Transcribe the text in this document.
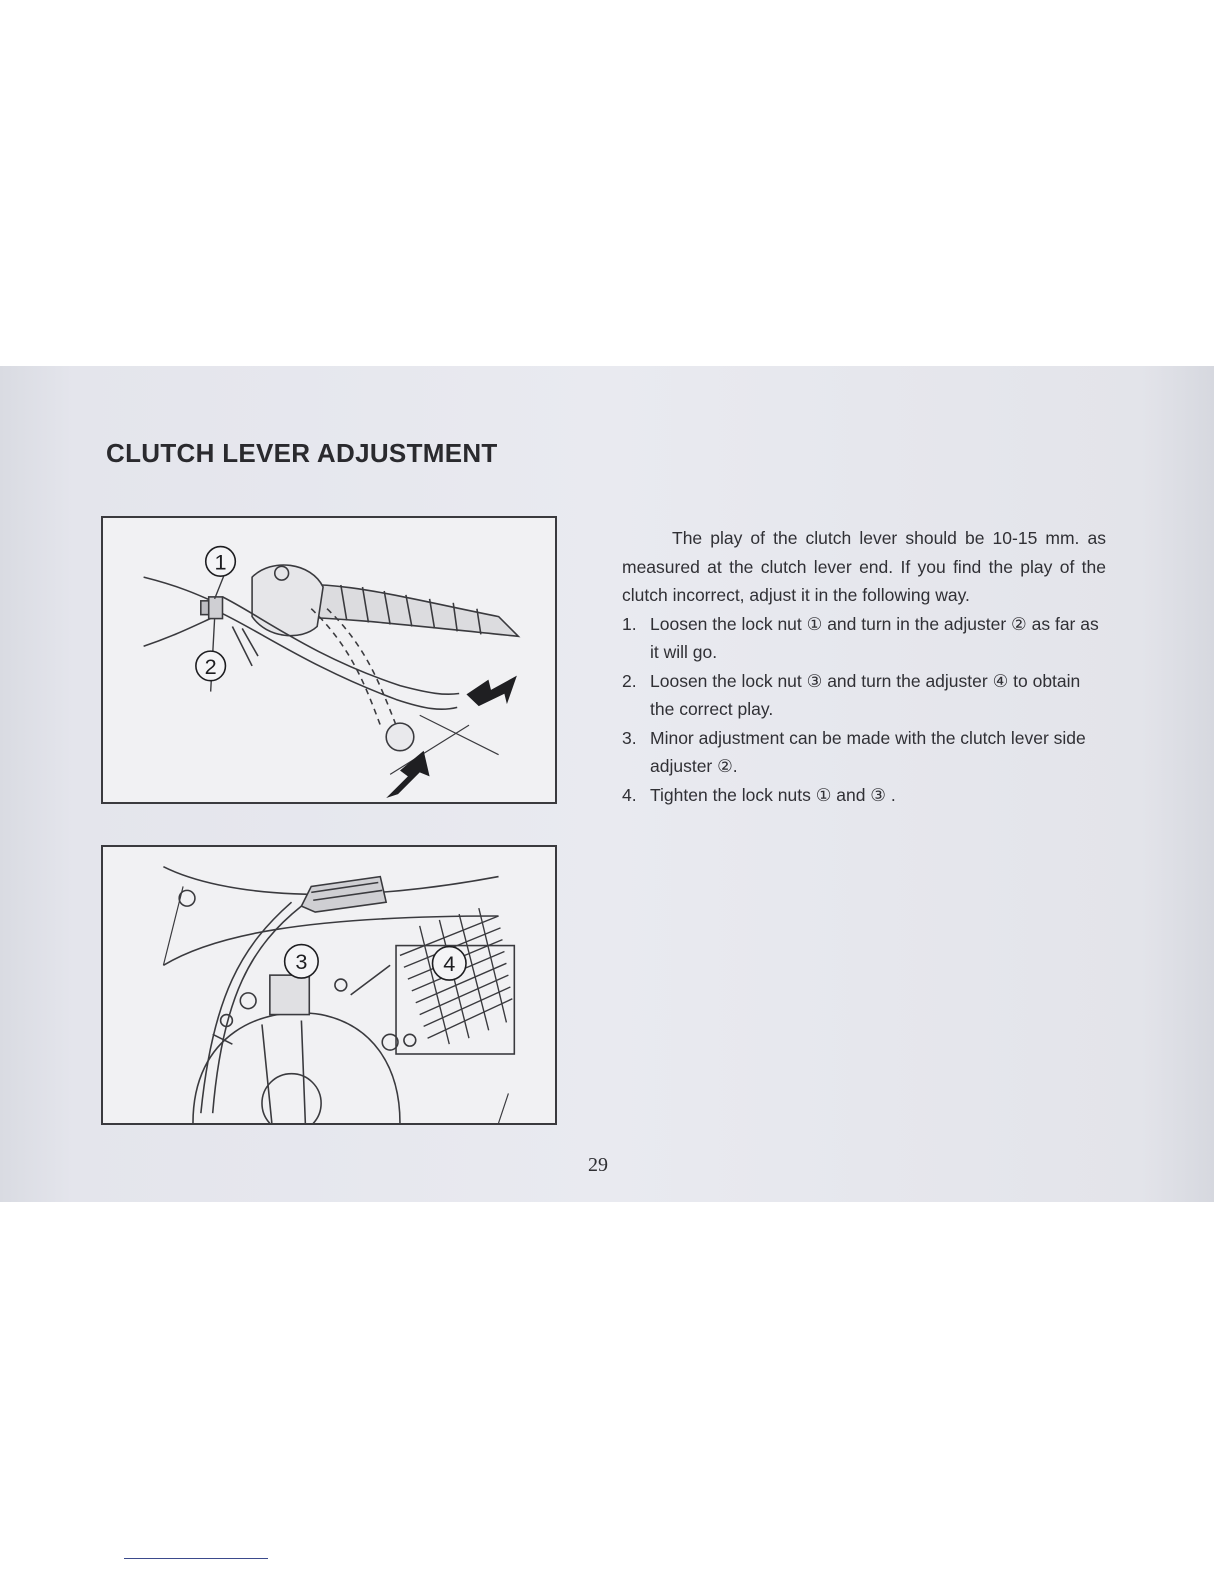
CLUTCH LEVER ADJUSTMENT
1
2
3	4

The play of the clutch lever should be 10-15 mm. as measured at the clutch lever end. If you find the play of the clutch incorrect, adjust it in the following way.

1. Loosen the lock nut ① and turn in the adjuster ② as far as it will go.
2. Loosen the lock nut ③ and turn the adjuster ④ to obtain the correct play.
3. Minor adjustment can be made with the clutch lever side adjuster ②.
4. Tighten the lock nuts ① and ③ .
29
